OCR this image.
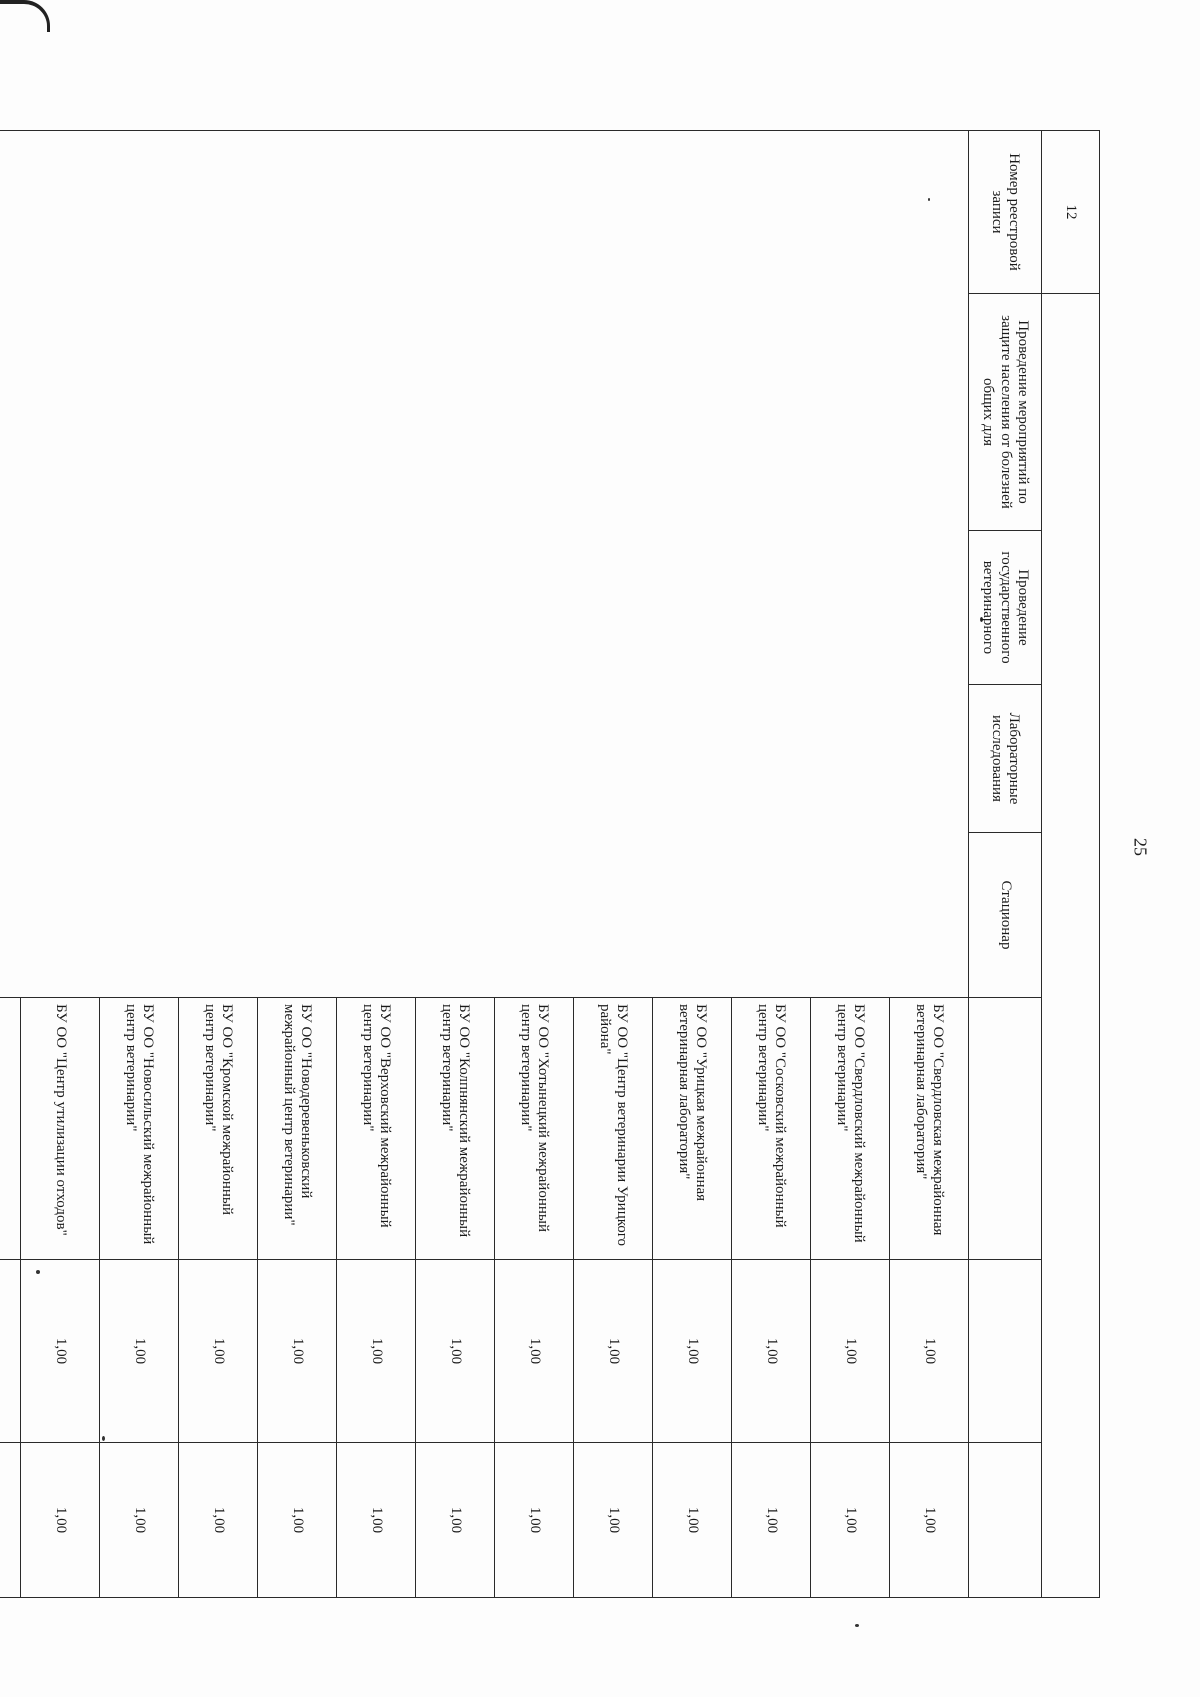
25
12							
Номер реестровой записи	Проведение мероприятий по защите населения от болезней общих для	Проведение государственного ветеринарного	Лабораторные исследования	Стационар			
					БУ ОО "Свердловская межрайонная ветеринарная лаборатория"	1,00	1,00
					БУ ОО "Свердловский межрайонный центр ветеринарии"	1,00	1,00
					БУ ОО "Сосковский межрайонный центр ветеринарии"	1,00	1,00
					БУ ОО "Урицкая межрайонная ветеринарная лаборатория"	1,00	1,00
					БУ ОО "Центр ветеринарии Урицкого района"	1,00	1,00
					БУ ОО "Хотынецкий межрайонный центр ветеринарии"	1,00	1,00
					БУ ОО "Колпнянский межрайонный центр ветеринарии"	1,00	1,00
					БУ ОО "Верховский межрайонный центр ветеринарии"	1,00	1,00
					БУ ОО "Новодеревеньковский межрайонный центр ветеринарии"	1,00	1,00
					БУ ОО "Кромской межрайонный центр ветеринарии"	1,00	1,00
					БУ ОО "Новосильский межрайонный центр ветеринарии"	1,00	1,00
					БУ ОО "Центр утилизации отходов"	1,00	1,00
